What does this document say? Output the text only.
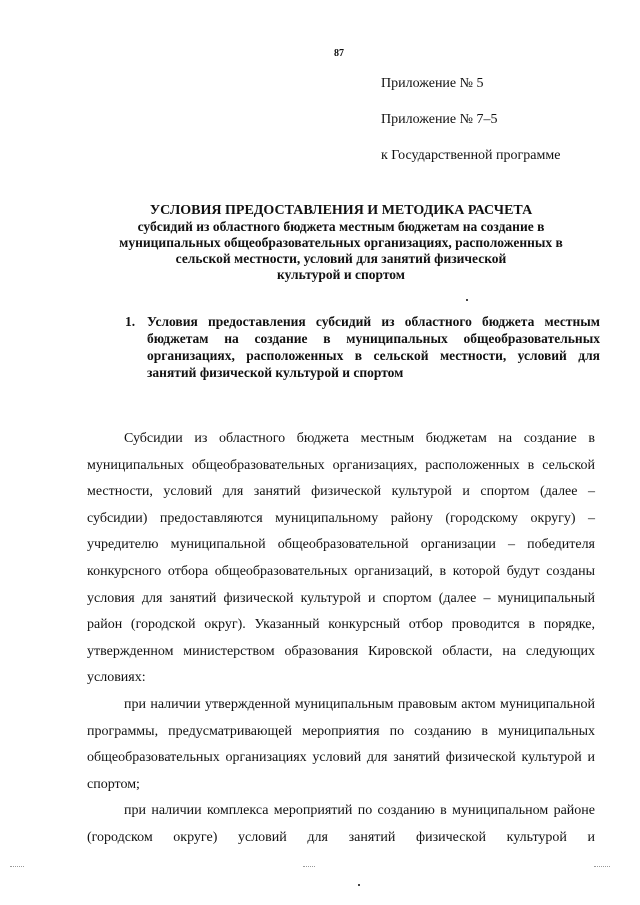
87
Приложение № 5
Приложение № 7–5
к Государственной программе
УСЛОВИЯ ПРЕДОСТАВЛЕНИЯ И МЕТОДИКА РАСЧЕТА
субсидий из областного бюджета местным бюджетам на создание в
муниципальных общеобразовательных организациях, расположенных в
сельской местности, условий для занятий физической
культурой и спортом
1. Условия предоставления субсидий из областного бюджета местным бюджетам на создание в муниципальных общеобразовательных организациях, расположенных в сельской местности, условий для занятий физической культурой и спортом

Субсидии из областного бюджета местным бюджетам на создание в муниципальных общеобразовательных организациях, расположенных в сельской местности, условий для занятий физической культурой и спортом (далее – субсидии) предоставляются муниципальному району (городскому округу) – учредителю муниципальной общеобразовательной организации – победителя конкурсного отбора общеобразовательных организаций, в которой будут созданы условия для занятий физической культурой и спортом (далее – муниципальный район (городской округ). Указанный конкурсный отбор проводится в порядке, утвержденном министерством образования Кировской области, на следующих условиях:

при наличии утвержденной муниципальным правовым актом муниципальной программы, предусматривающей мероприятия по созданию в муниципальных общеобразовательных организациях условий для занятий физической культурой и спортом;

при наличии комплекса мероприятий по созданию в муниципальном районе (городском округе) условий для занятий физической культурой и
